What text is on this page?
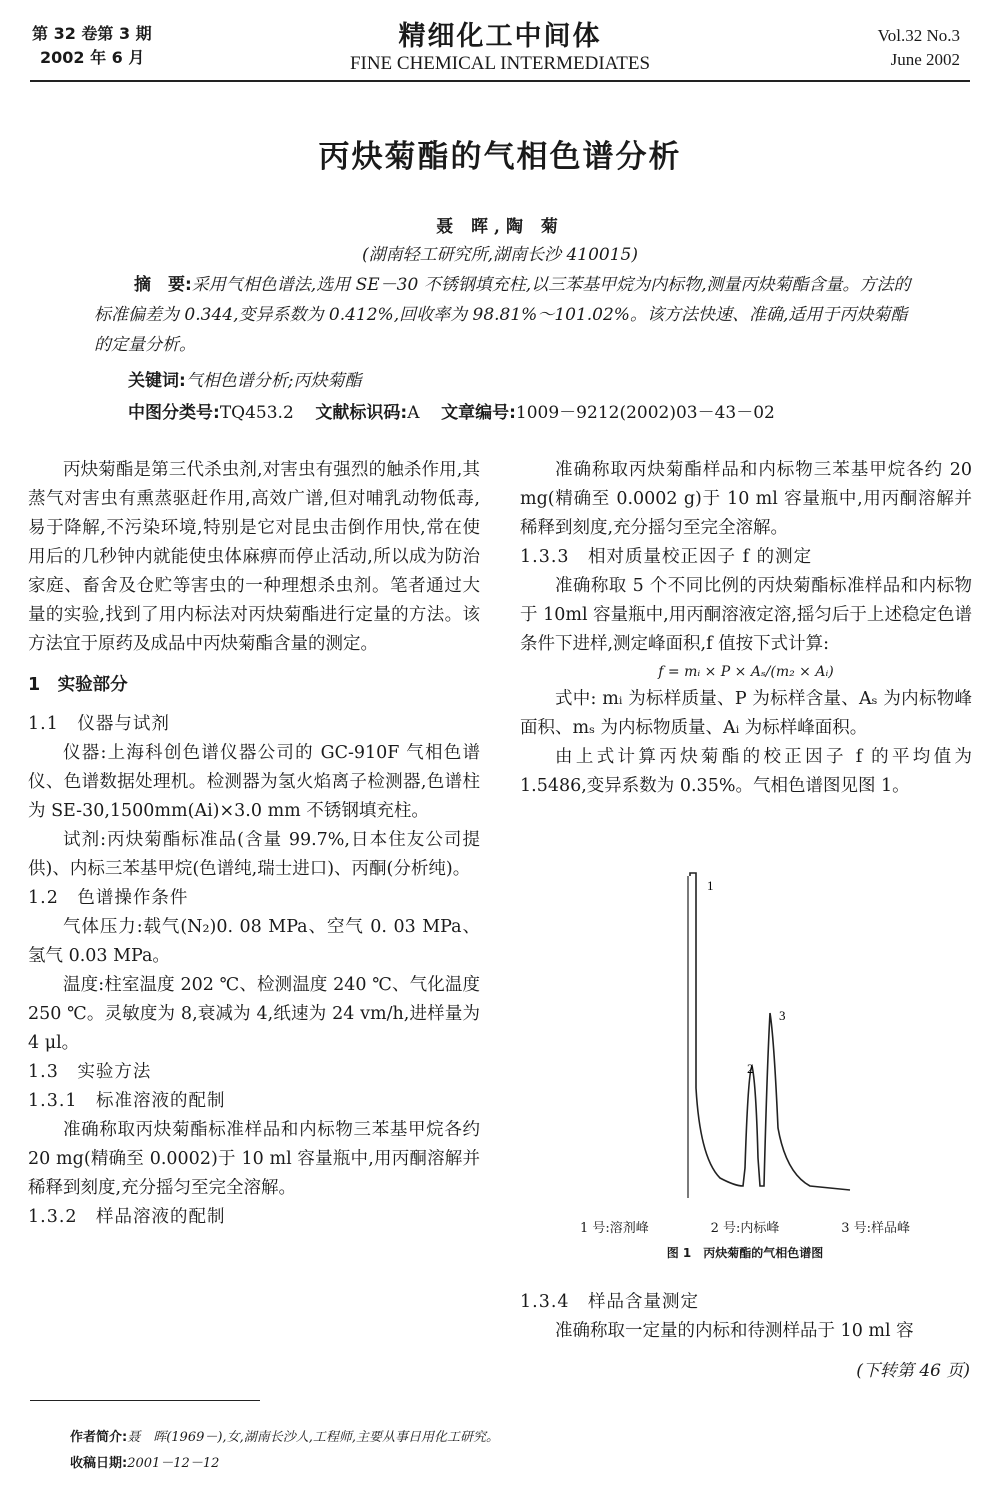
第 32 卷第 3 期
2002 年 6 月
精细化工中间体
FINE CHEMICAL INTERMEDIATES
Vol.32 No.3
June 2002
丙炔菊酯的气相色谱分析
聂 晖,陶 菊
(湖南轻工研究所,湖南长沙 410015)
摘　要:采用气相色谱法,选用 SE－30 不锈钢填充柱,以三苯基甲烷为内标物,测量丙炔菊酯含量。方法的标准偏差为 0.344,变异系数为 0.412%,回收率为 98.81%～101.02%。该方法快速、准确,适用于丙炔菊酯的定量分析。
关键词:气相色谱分析;丙炔菊酯
中图分类号:TQ453.2 文献标识码:A 文章编号:1009－9212(2002)03－43－02

丙炔菊酯是第三代杀虫剂,对害虫有强烈的触杀作用,其蒸气对害虫有熏蒸驱赶作用,高效广谱,但对哺乳动物低毒,易于降解,不污染环境,特别是它对昆虫击倒作用快,常在使用后的几秒钟内就能使虫体麻痹而停止活动,所以成为防治家庭、畜舍及仓贮等害虫的一种理想杀虫剂。笔者通过大量的实验,找到了用内标法对丙炔菊酯进行定量的方法。该方法宜于原药及成品中丙炔菊酯含量的测定。

1　实验部分

1.1　仪器与试剂

仪器:上海科创色谱仪器公司的 GC-910F 气相色谱仪、色谱数据处理机。检测器为氢火焰离子检测器,色谱柱为 SE-30,1500mm(Ai)×3.0 mm 不锈钢填充柱。

试剂:丙炔菊酯标准品(含量 99.7%,日本住友公司提供)、内标三苯基甲烷(色谱纯,瑞士进口)、丙酮(分析纯)。

1.2　色谱操作条件

气体压力:载气(N₂)0. 08 MPa、空气 0. 03 MPa、氢气 0.03 MPa。

温度:柱室温度 202 ℃、检测温度 240 ℃、气化温度 250 ℃。灵敏度为 8,衰减为 4,纸速为 24 vm/h,进样量为 4 μl。

1.3　实验方法

1.3.1　标准溶液的配制

准确称取丙炔菊酯标准样品和内标物三苯基甲烷各约 20 mg(精确至 0.0002)于 10 ml 容量瓶中,用丙酮溶解并稀释到刻度,充分摇匀至完全溶解。

1.3.2　样品溶液的配制

准确称取丙炔菊酯样品和内标物三苯基甲烷各约 20 mg(精确至 0.0002 g)于 10 ml 容量瓶中,用丙酮溶解并稀释到刻度,充分摇匀至完全溶解。

1.3.3　相对质量校正因子 f 的测定

准确称取 5 个不同比例的丙炔菊酯标准样品和内标物于 10ml 容量瓶中,用丙酮溶液定溶,摇匀后于上述稳定色谱条件下进样,测定峰面积,f 值按下式计算:

f = mᵢ × P × Aₛ/(m₂ × Aᵢ)

式中: mᵢ 为标样质量、P 为标样含量、Aₛ 为内标物峰面积、mₛ 为内标物质量、Aᵢ 为标样峰面积。

由上式计算丙炔菊酯的校正因子 f 的平均值为 1.5486,变异系数为 0.35%。气相色谱图见图 1。

1
2
3
1 号:溶剂峰	2 号:内标峰	3 号:样品峰
图 1　丙炔菊酯的气相色谱图

1.3.4　样品含量测定

准确称取一定量的内标和待测样品于 10 ml 容

(下转第 46 页)
作者简介:聂　晖(1969－),女,湖南长沙人,工程师,主要从事日用化工研究。
收稿日期:2001－12－12
